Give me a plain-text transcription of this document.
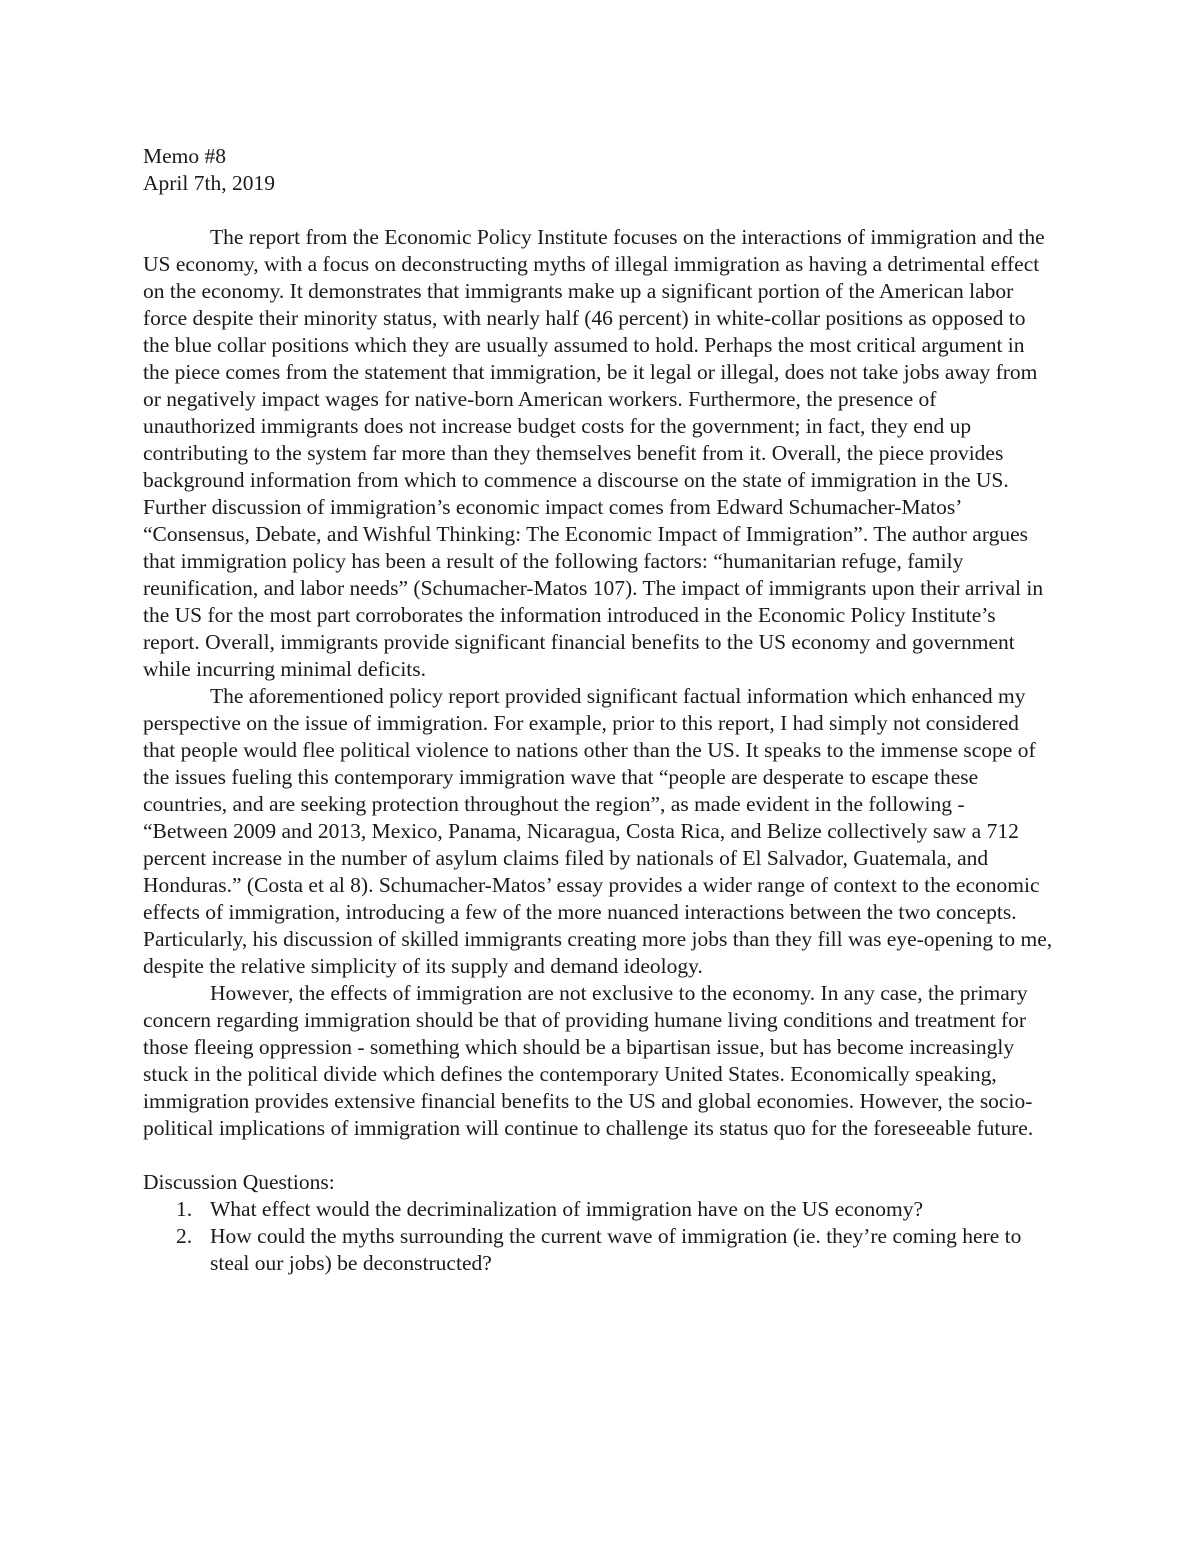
Memo #8

April 7th, 2019

The report from the Economic Policy Institute focuses on the interactions of immigration and the US economy, with a focus on deconstructing myths of illegal immigration as having a detrimental effect on the economy. It demonstrates that immigrants make up a significant portion of the American labor force despite their minority status, with nearly half (46 percent) in white-collar positions as opposed to the blue collar positions which they are usually assumed to hold. Perhaps the most critical argument in the piece comes from the statement that immigration, be it legal or illegal, does not take jobs away from or negatively impact wages for native-born American workers. Furthermore, the presence of unauthorized immigrants does not increase budget costs for the government; in fact, they end up contributing to the system far more than they themselves benefit from it. Overall, the piece provides background information from which to commence a discourse on the state of immigration in the US. Further discussion of immigration’s economic impact comes from Edward Schumacher-Matos’ “Consensus, Debate, and Wishful Thinking: The Economic Impact of Immigration”. The author argues that immigration policy has been a result of the following factors: “humanitarian refuge, family reunification, and labor needs” (Schumacher-Matos 107). The impact of immigrants upon their arrival in the US for the most part corroborates the information introduced in the Economic Policy Institute’s report. Overall, immigrants provide significant financial benefits to the US economy and government while incurring minimal deficits.

The aforementioned policy report provided significant factual information which enhanced my perspective on the issue of immigration. For example, prior to this report, I had simply not considered that people would flee political violence to nations other than the US. It speaks to the immense scope of the issues fueling this contemporary immigration wave that “people are desperate to escape these countries, and are seeking protection throughout the region”, as made evident in the following - “Between 2009 and 2013, Mexico, Panama, Nicaragua, Costa Rica, and Belize collectively saw a 712 percent increase in the number of asylum claims filed by nationals of El Salvador, Guatemala, and Honduras.” (Costa et al 8). Schumacher-Matos’ essay provides a wider range of context to the economic effects of immigration, introducing a few of the more nuanced interactions between the two concepts. Particularly, his discussion of skilled immigrants creating more jobs than they fill was eye-opening to me, despite the relative simplicity of its supply and demand ideology.

However, the effects of immigration are not exclusive to the economy. In any case, the primary concern regarding immigration should be that of providing humane living conditions and treatment for those fleeing oppression - something which should be a bipartisan issue, but has become increasingly stuck in the political divide which defines the contemporary United States. Economically speaking, immigration provides extensive financial benefits to the US and global economies. However, the socio-political implications of immigration will continue to challenge its status quo for the foreseeable future.

Discussion Questions:

1. What effect would the decriminalization of immigration have on the US economy?
2. How could the myths surrounding the current wave of immigration (ie. they’re coming here to steal our jobs) be deconstructed?
